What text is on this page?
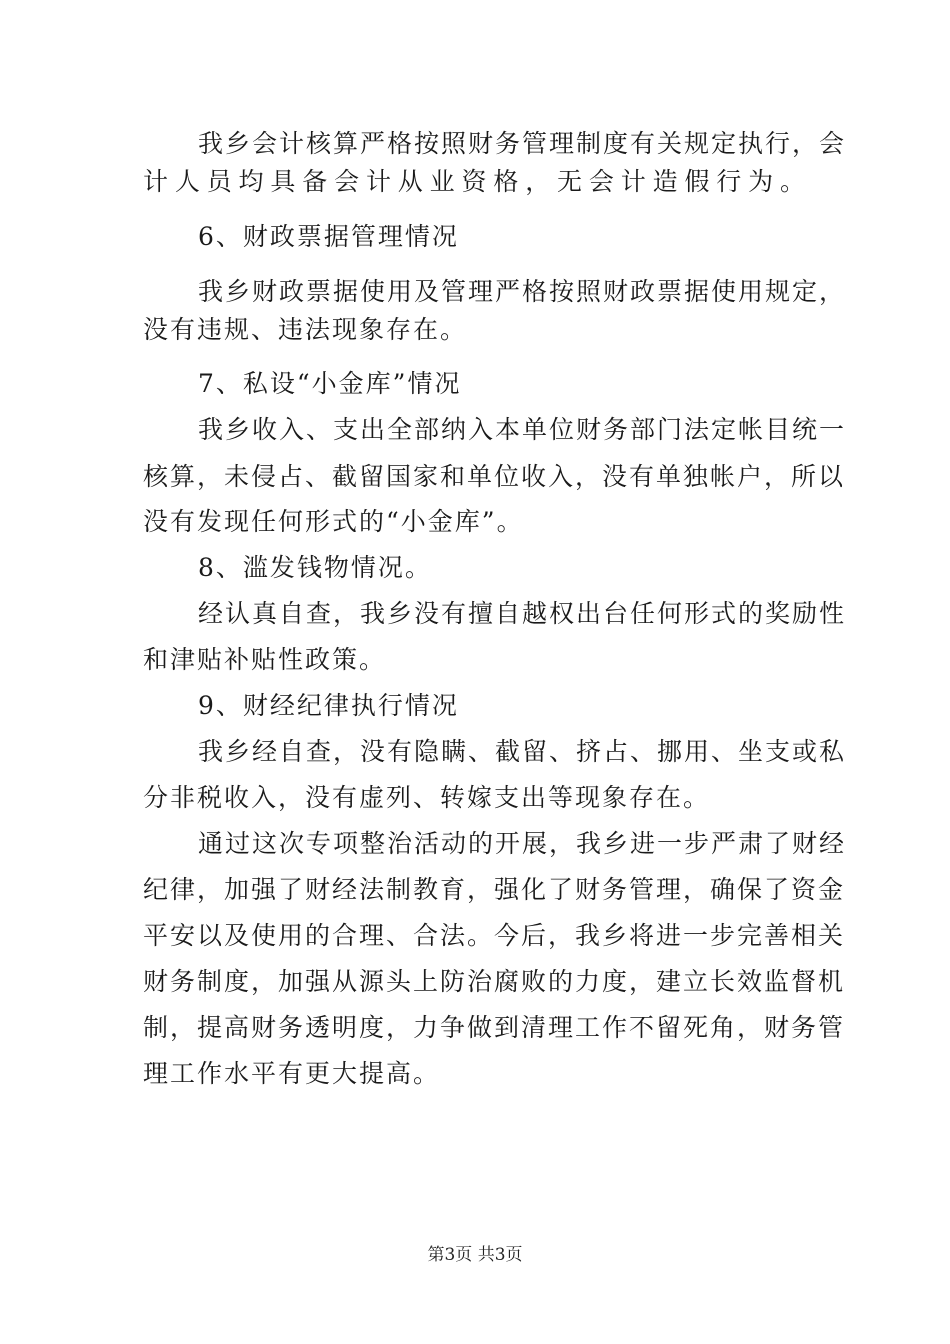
我乡会计核算严格按照财务管理制度有关规定执行，会
计人员均具备会计从业资格，无会计造假行为。
6、财政票据管理情况
我乡财政票据使用及管理严格按照财政票据使用规定，
没有违规、违法现象存在。
7、私设“小金库”情况
我乡收入、支出全部纳入本单位财务部门法定帐目统一
核算，未侵占、截留国家和单位收入，没有单独帐户，所以
没有发现任何形式的“小金库”。
8、滥发钱物情况。
经认真自查，我乡没有擅自越权出台任何形式的奖励性
和津贴补贴性政策。
9、财经纪律执行情况
我乡经自查，没有隐瞒、截留、挤占、挪用、坐支或私
分非税收入，没有虚列、转嫁支出等现象存在。
通过这次专项整治活动的开展，我乡进一步严肃了财经
纪律，加强了财经法制教育，强化了财务管理，确保了资金
平安以及使用的合理、合法。今后，我乡将进一步完善相关
财务制度，加强从源头上防治腐败的力度，建立长效监督机
制，提高财务透明度，力争做到清理工作不留死角，财务管
理工作水平有更大提高。
第3页 共3页
